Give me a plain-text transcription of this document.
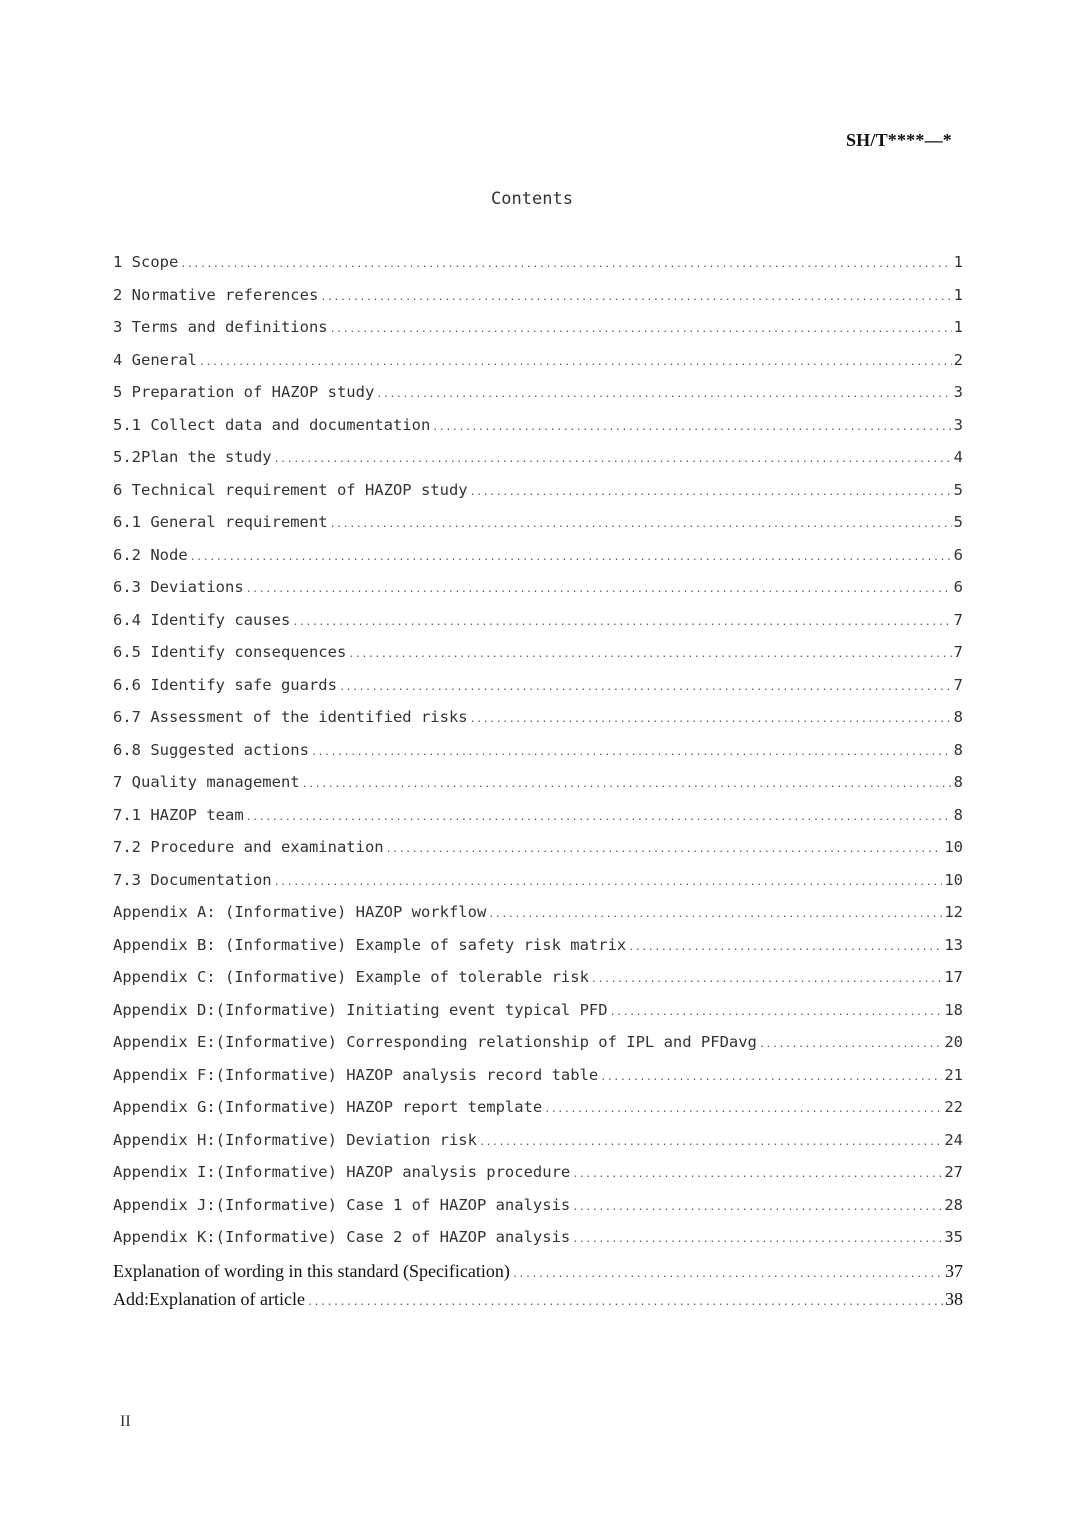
SH/T****—*
Contents
1 Scope .....	1
2 Normative references .....	1
3 Terms and definitions .....	1
4 General .....	2
5 Preparation of HAZOP study .....	3
5.1 Collect data and documentation .....	3
5.2Plan the study .....	4
6 Technical requirement of HAZOP study .....	5
6.1 General requirement .....	5
6.2 Node .....	6
6.3 Deviations .....	6
6.4 Identify causes .....	7
6.5 Identify consequences .....	7
6.6 Identify safe guards .....	7
6.7 Assessment of the identified risks .....	8
6.8 Suggested actions .....	8
7 Quality management .....	8
7.1 HAZOP team .....	8
7.2 Procedure and examination .....	10
7.3 Documentation .....	10
Appendix A: (Informative) HAZOP workflow .....	12
Appendix B: (Informative) Example of safety risk matrix .....	13
Appendix C: (Informative) Example of tolerable risk .....	17
Appendix D:(Informative) Initiating event typical PFD .....	18
Appendix E:(Informative) Corresponding relationship of IPL and PFDavg .....	20
Appendix F:(Informative) HAZOP analysis record table .....	21
Appendix G:(Informative) HAZOP report template .....	22
Appendix H:(Informative) Deviation risk .....	24
Appendix I:(Informative) HAZOP analysis procedure .....	27
Appendix J:(Informative) Case 1 of HAZOP analysis .....	28
Appendix K:(Informative) Case 2 of HAZOP analysis .....	35
Explanation of wording in this standard (Specification) .....	37
Add:Explanation of article .....	38
II
